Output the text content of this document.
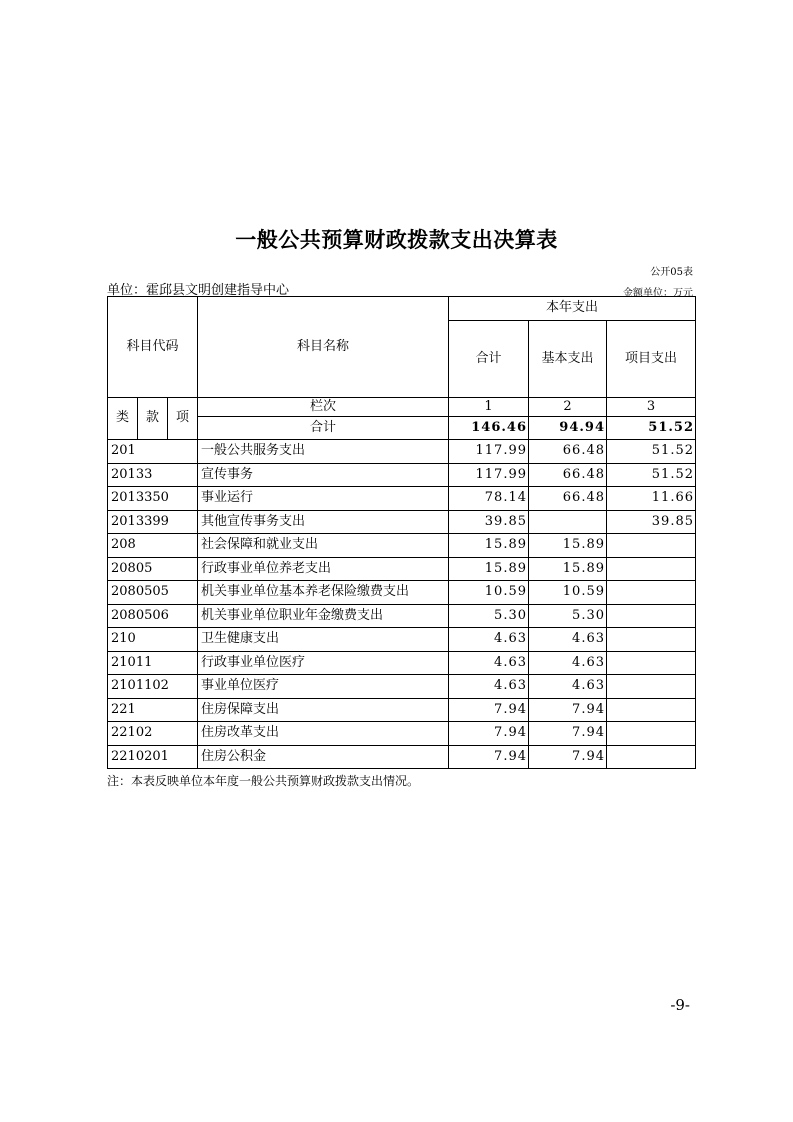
一般公共预算财政拨款支出决算表
公开05表
单位：霍邱县文明创建指导中心	金额单位：万元
科目代码			科目名称	本年支出		
				合计	基本支出	项目支出
类	款	项	栏次	1	2	3
			合计	146.46	94.94	51.52
201			一般公共服务支出	117.99	66.48	51.52
20133			宣传事务	117.99	66.48	51.52
2013350			事业运行	78.14	66.48	11.66
2013399			其他宣传事务支出	39.85		39.85
208			社会保障和就业支出	15.89	15.89	
20805			行政事业单位养老支出	15.89	15.89	
2080505			机关事业单位基本养老保险缴费支出	10.59	10.59	
2080506			机关事业单位职业年金缴费支出	5.30	5.30	
210			卫生健康支出	4.63	4.63	
21011			行政事业单位医疗	4.63	4.63	
2101102			事业单位医疗	4.63	4.63	
221			住房保障支出	7.94	7.94	
22102			住房改革支出	7.94	7.94	
2210201			住房公积金	7.94	7.94	
注：本表反映单位本年度一般公共预算财政拨款支出情况。
-9-
